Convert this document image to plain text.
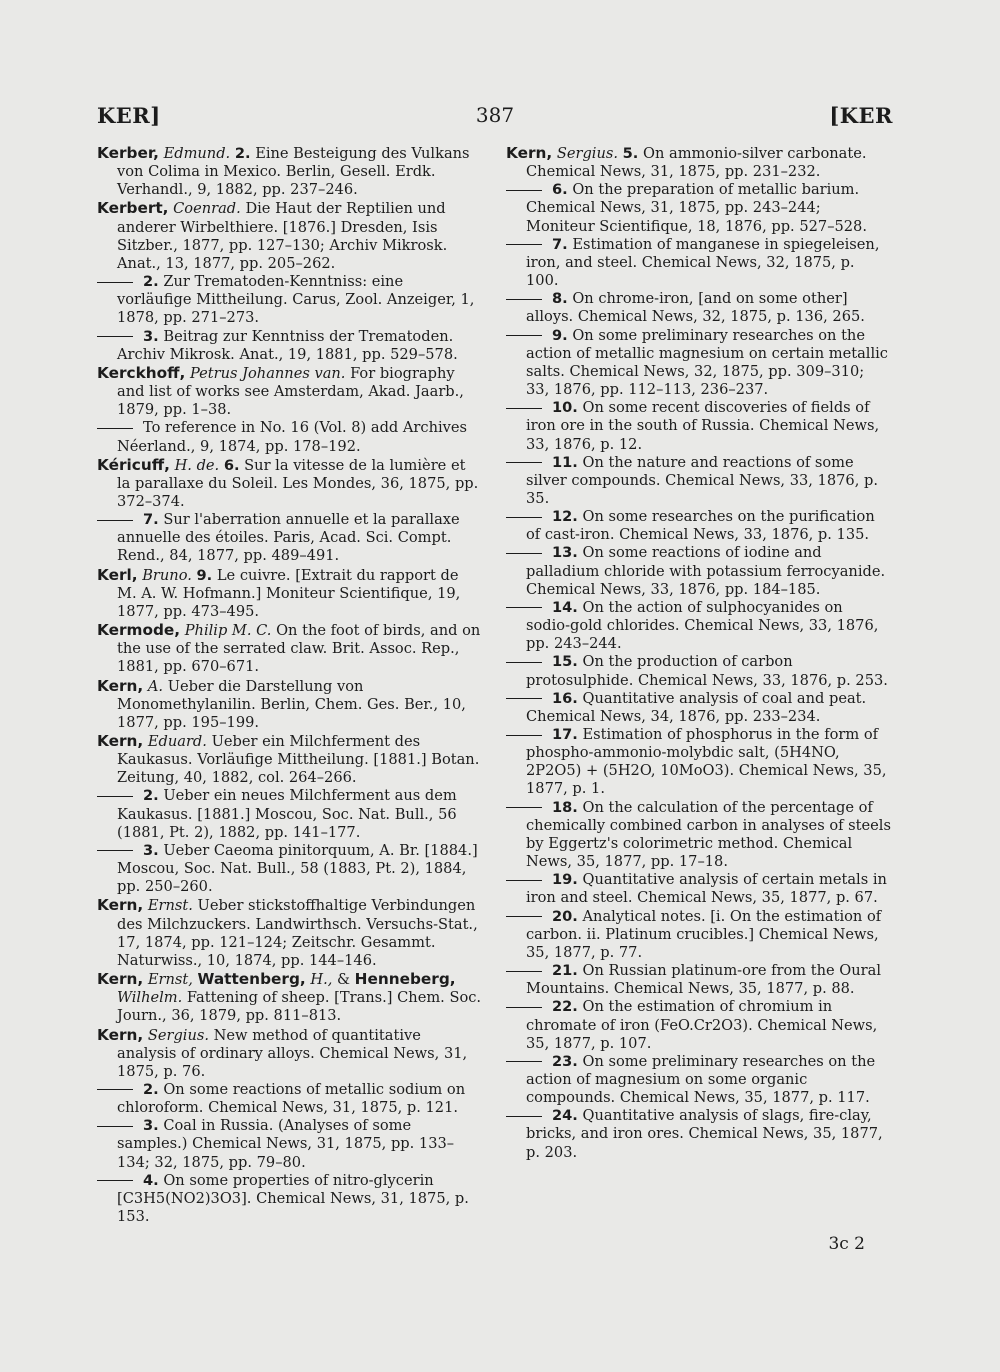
KER]	387	[KER
Kerber, Edmund. 2. Eine Besteigung des Vulkans von Colima in Mexico. Berlin, Gesell. Erdk. Verhandl., 9, 1882, pp. 237–246.
Kerbert, Coenrad. Die Haut der Reptilien und anderer Wirbelthiere. [1876.] Dresden, Isis Sitzber., 1877, pp. 127–130; Archiv Mikrosk. Anat., 13, 1877, pp. 205–262.
2. Zur Trematoden-Kenntniss: eine vorläufige Mittheilung. Carus, Zool. Anzeiger, 1, 1878, pp. 271–273.
3. Beitrag zur Kenntniss der Trematoden. Archiv Mikrosk. Anat., 19, 1881, pp. 529–578.
Kerckhoff, Petrus Johannes van. For biography and list of works see Amsterdam, Akad. Jaarb., 1879, pp. 1–38.
To reference in No. 16 (Vol. 8) add Archives Néerland., 9, 1874, pp. 178–192.
Kéricuff, H. de. 6. Sur la vitesse de la lumière et la parallaxe du Soleil. Les Mondes, 36, 1875, pp. 372–374.
7. Sur l'aberration annuelle et la parallaxe annuelle des étoiles. Paris, Acad. Sci. Compt. Rend., 84, 1877, pp. 489–491.
Kerl, Bruno. 9. Le cuivre. [Extrait du rapport de M. A. W. Hofmann.] Moniteur Scientifique, 19, 1877, pp. 473–495.
Kermode, Philip M. C. On the foot of birds, and on the use of the serrated claw. Brit. Assoc. Rep., 1881, pp. 670–671.
Kern, A. Ueber die Darstellung von Monomethylanilin. Berlin, Chem. Ges. Ber., 10, 1877, pp. 195–199.
Kern, Eduard. Ueber ein Milchferment des Kaukasus. Vorläufige Mittheilung. [1881.] Botan. Zeitung, 40, 1882, col. 264–266.
2. Ueber ein neues Milchferment aus dem Kaukasus. [1881.] Moscou, Soc. Nat. Bull., 56 (1881, Pt. 2), 1882, pp. 141–177.
3. Ueber Caeoma pinitorquum, A. Br. [1884.] Moscou, Soc. Nat. Bull., 58 (1883, Pt. 2), 1884, pp. 250–260.
Kern, Ernst. Ueber stickstoffhaltige Verbindungen des Milchzuckers. Landwirthsch. Versuchs-Stat., 17, 1874, pp. 121–124; Zeitschr. Gesammt. Naturwiss., 10, 1874, pp. 144–146.
Kern, Ernst, Wattenberg, H., & Henneberg, Wilhelm. Fattening of sheep. [Trans.] Chem. Soc. Journ., 36, 1879, pp. 811–813.
Kern, Sergius. New method of quantitative analysis of ordinary alloys. Chemical News, 31, 1875, p. 76.
2. On some reactions of metallic sodium on chloroform. Chemical News, 31, 1875, p. 121.
3. Coal in Russia. (Analyses of some samples.) Chemical News, 31, 1875, pp. 133–134; 32, 1875, pp. 79–80.
4. On some properties of nitro-glycerin [C3H5(NO2)3O3]. Chemical News, 31, 1875, p. 153.
Kern, Sergius. 5. On ammonio-silver carbonate. Chemical News, 31, 1875, pp. 231–232.
6. On the preparation of metallic barium. Chemical News, 31, 1875, pp. 243–244; Moniteur Scientifique, 18, 1876, pp. 527–528.
7. Estimation of manganese in spiegeleisen, iron, and steel. Chemical News, 32, 1875, p. 100.
8. On chrome-iron, [and on some other] alloys. Chemical News, 32, 1875, p. 136, 265.
9. On some preliminary researches on the action of metallic magnesium on certain metallic salts. Chemical News, 32, 1875, pp. 309–310; 33, 1876, pp. 112–113, 236–237.
10. On some recent discoveries of fields of iron ore in the south of Russia. Chemical News, 33, 1876, p. 12.
11. On the nature and reactions of some silver compounds. Chemical News, 33, 1876, p. 35.
12. On some researches on the purification of cast-iron. Chemical News, 33, 1876, p. 135.
13. On some reactions of iodine and palladium chloride with potassium ferrocyanide. Chemical News, 33, 1876, pp. 184–185.
14. On the action of sulphocyanides on sodio-gold chlorides. Chemical News, 33, 1876, pp. 243–244.
15. On the production of carbon protosulphide. Chemical News, 33, 1876, p. 253.
16. Quantitative analysis of coal and peat. Chemical News, 34, 1876, pp. 233–234.
17. Estimation of phosphorus in the form of phospho-ammonio-molybdic salt, (5H4NO, 2P2O5) + (5H2O, 10MoO3). Chemical News, 35, 1877, p. 1.
18. On the calculation of the percentage of chemically combined carbon in analyses of steels by Eggertz's colorimetric method. Chemical News, 35, 1877, pp. 17–18.
19. Quantitative analysis of certain metals in iron and steel. Chemical News, 35, 1877, p. 67.
20. Analytical notes. [i. On the estimation of carbon. ii. Platinum crucibles.] Chemical News, 35, 1877, p. 77.
21. On Russian platinum-ore from the Oural Mountains. Chemical News, 35, 1877, p. 88.
22. On the estimation of chromium in chromate of iron (FeO.Cr2O3). Chemical News, 35, 1877, p. 107.
23. On some preliminary researches on the action of magnesium on some organic compounds. Chemical News, 35, 1877, p. 117.
24. Quantitative analysis of slags, fire-clay, bricks, and iron ores. Chemical News, 35, 1877, p. 203.
3c 2
